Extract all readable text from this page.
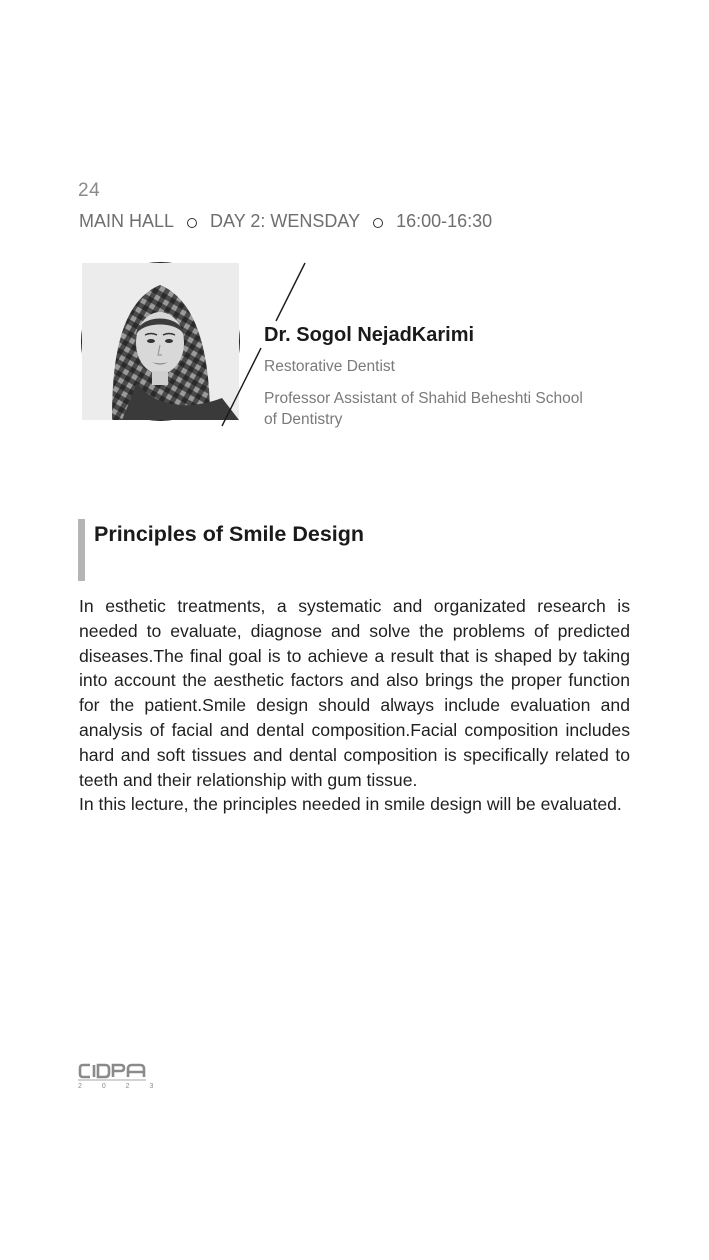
24
MAIN HALL DAY 2: WENSDAY 16:00-16:30
Dr. Sogol NejadKarimi
Restorative Dentist
Professor Assistant of Shahid Beheshti School of Dentistry
Principles of Smile Design

In esthetic treatments, a systematic and organizated research is needed to evaluate, diagnose and solve the problems of predicted diseases.The final goal is to achieve a result that is shaped by taking into account the aesthetic factors and also brings the proper function for the patient.Smile design should always include evaluation and analysis of facial and dental composition.Facial composition includes hard and soft tissues and dental composition is specifically related to teeth and their relationship with gum tissue.

In this lecture, the principles needed in smile design will be evaluated.

2 0 2 3
